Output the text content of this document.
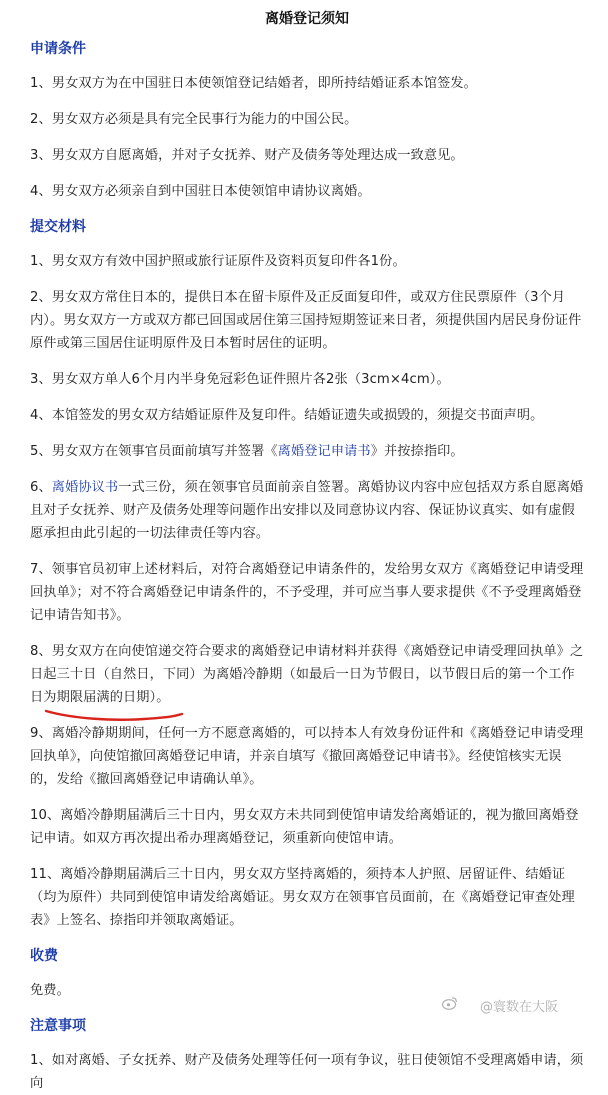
离婚登记须知
申请条件

1、男女双方为在中国驻日本使领馆登记结婚者，即所持结婚证系本馆签发。

2、男女双方必须是具有完全民事行为能力的中国公民。

3、男女双方自愿离婚，并对子女抚养、财产及债务等处理达成一致意见。

4、男女双方必须亲自到中国驻日本使领馆申请协议离婚。

提交材料

1、男女双方有效中国护照或旅行证原件及资料页复印件各1份。

2、男女双方常住日本的，提供日本在留卡原件及正反面复印件，或双方住民票原件（3个月内）。男女双方一方或双方都已回国或居住第三国持短期签证来日者，须提供国内居民身份证件原件或第三国居住证明原件及日本暂时居住的证明。

3、男女双方单人6个月内半身免冠彩色证件照片各2张（3cm×4cm）。

4、本馆签发的男女双方结婚证原件及复印件。结婚证遗失或损毁的，须提交书面声明。

5、男女双方在领事官员面前填写并签署《离婚登记申请书》并按捺指印。

6、离婚协议书一式三份，须在领事官员面前亲自签署。离婚协议内容中应包括双方系自愿离婚且对子女抚养、财产及债务处理等问题作出安排以及同意协议内容、保证协议真实、如有虚假愿承担由此引起的一切法律责任等内容。

7、领事官员初审上述材料后，对符合离婚登记申请条件的，发给男女双方《离婚登记申请受理回执单》；对不符合离婚登记申请条件的，不予受理，并可应当事人要求提供《不予受理离婚登记申请告知书》。

8、男女双方在向使馆递交符合要求的离婚登记申请材料并获得《离婚登记申请受理回执单》之日起三十日（自然日，下同）为离婚冷静期（如最后一日为节假日，以节假日后的第一个工作日为期限届满的日期）。

9、离婚冷静期期间，任何一方不愿意离婚的，可以持本人有效身份证件和《离婚登记申请受理回执单》，向使馆撤回离婚登记申请，并亲自填写《撤回离婚登记申请书》。经使馆核实无误的，发给《撤回离婚登记申请确认单》。

10、离婚冷静期届满后三十日内，男女双方未共同到使馆申请发给离婚证的，视为撤回离婚登记申请。如双方再次提出希办理离婚登记，须重新向使馆申请。

11、离婚冷静期届满后三十日内，男女双方坚持离婚的，须持本人护照、居留证件、结婚证（均为原件）共同到使馆申请发给离婚证。男女双方在领事官员面前，在《离婚登记审查处理表》上签名、捺指印并领取离婚证。

收费

免费。

注意事项

1、如对离婚、子女抚养、财产及债务处理等任何一项有争议，驻日使领馆不受理离婚申请，须向

@寰数在大阪
